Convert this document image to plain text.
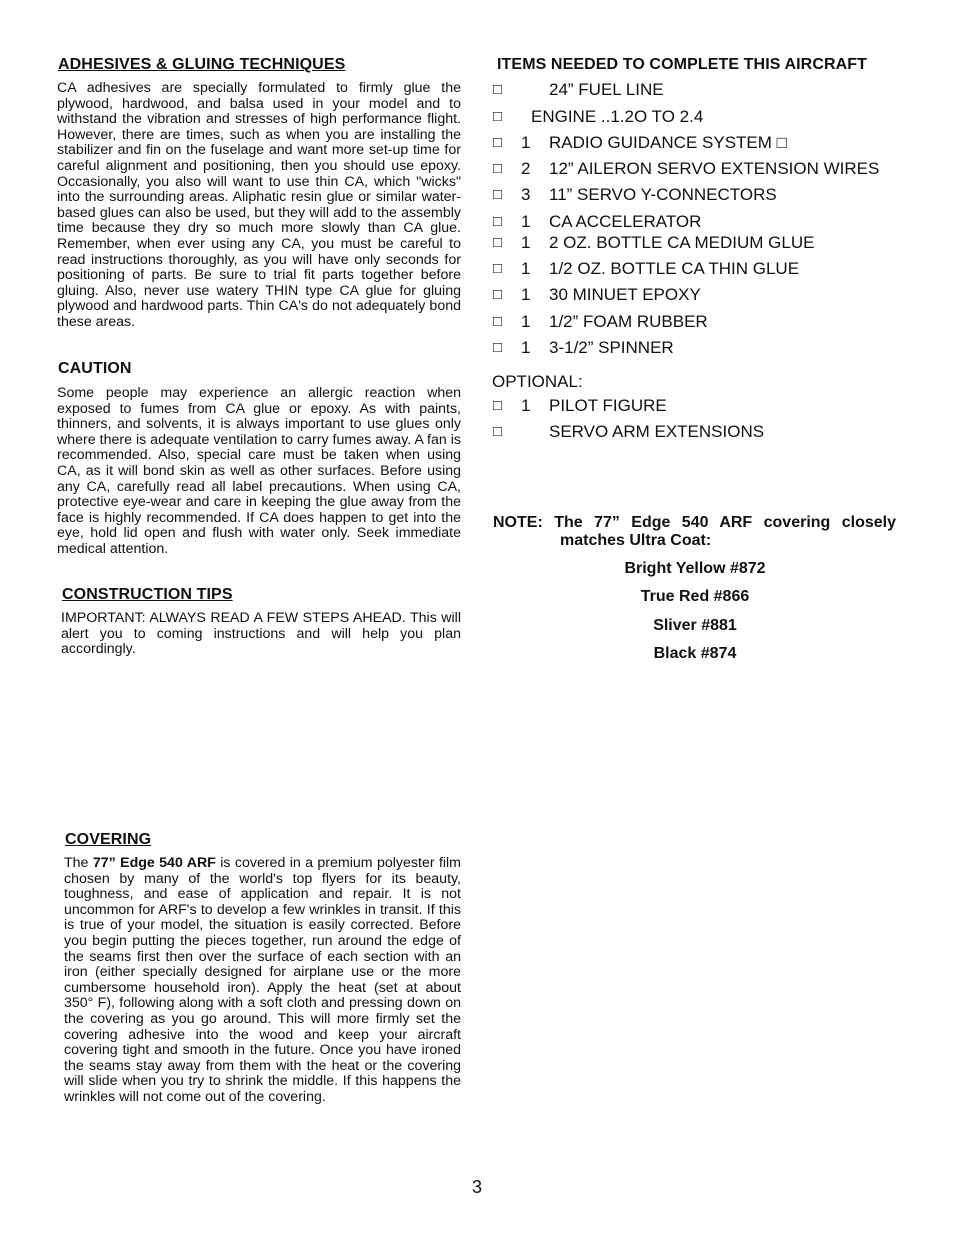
ADHESIVES & GLUING TECHNIQUES
CA adhesives are specially formulated to firmly glue the plywood, hardwood, and balsa used in your model and to withstand the vibration and stresses of high performance flight. However, there are times, such as when you are installing the stabilizer and fin on the fuselage and want more set-up time for careful alignment and positioning, then you should use epoxy. Occasionally, you also will want to use thin CA, which "wicks" into the surrounding areas. Aliphatic resin glue or similar water-based glues can also be used, but they will add to the assembly time because they dry so much more slowly than CA glue. Remember, when ever using any CA, you must be careful to read instructions thoroughly, as you will have only seconds for positioning of parts. Be sure to trial fit parts together before gluing. Also, never use watery THIN type CA glue for gluing plywood and hardwood parts. Thin CA's do not adequately bond these areas.
CAUTION
Some people may experience an allergic reaction when exposed to fumes from CA glue or epoxy. As with paints, thinners, and solvents, it is always important to use glues only where there is adequate ventilation to carry fumes away. A fan is recommended. Also, special care must be taken when using CA, as it will bond skin as well as other surfaces. Before using any CA, carefully read all label precautions. When using CA, protective eye-wear and care in keeping the glue away from the face is highly recommended. If CA does happen to get into the eye, hold lid open and flush with water only. Seek immediate medical attention.
CONSTRUCTION TIPS
IMPORTANT: ALWAYS READ A FEW STEPS AHEAD. This will alert you to coming instructions and will help you plan accordingly.
COVERING
The 77” Edge 540 ARF is covered in a premium polyester film chosen by many of the world's top flyers for its beauty, toughness, and ease of application and repair. It is not uncommon for ARF's to develop a few wrinkles in transit. If this is true of your model, the situation is easily corrected. Before you begin putting the pieces together, run around the edge of the seams first then over the surface of each section with an iron (either specially designed for airplane use or the more cumbersome household iron). Apply the heat (set at about 350° F), following along with a soft cloth and pressing down on the covering as you go around. This will more firmly set the covering adhesive into the wood and keep your aircraft covering tight and smooth in the future. Once you have ironed the seams stay away from them with the heat or the covering will slide when you try to shrink the middle. If this happens the wrinkles will not come out of the covering.
ITEMS NEEDED TO COMPLETE THIS AIRCRAFT
□	24” FUEL LINE
□ ENGINE ..1.2O TO 2.4
□ 1 RADIO GUIDANCE SYSTEM □
□ 2 12” AILERON SERVO EXTENSION WIRES
□ 3 11” SERVO Y-CONNECTORS
□ 1 CA ACCELERATOR
□ 1 2 OZ. BOTTLE CA MEDIUM GLUE
□ 1 1/2 OZ. BOTTLE CA THIN GLUE
□ 1 30 MINUET EPOXY
□ 1 1/2” FOAM RUBBER
□ 1 3-1/2” SPINNER
OPTIONAL:
□ 1 PILOT FIGURE
□	SERVO ARM EXTENSIONS
NOTE: The 77” Edge 540 ARF covering closely
matches Ultra Coat:
Bright Yellow #872
True Red #866
Sliver #881
Black #874
3
